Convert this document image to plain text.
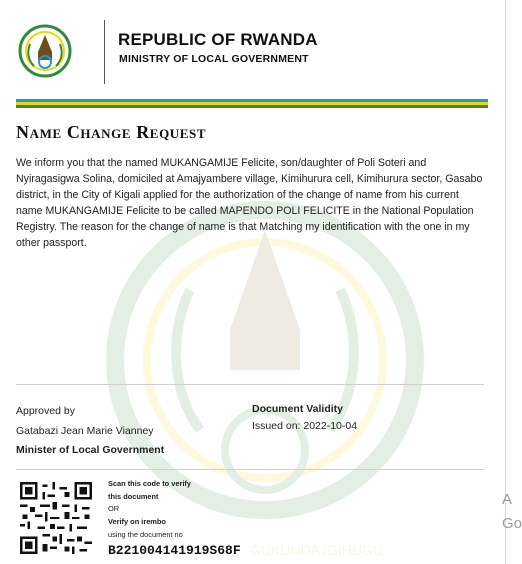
GUKUNDA IGIHUGU
REPUBLIC OF RWANDA
MINISTRY OF LOCAL GOVERNMENT
Name Change Request
We inform you that the named MUKANGAMIJE Felicite, son/daughter of Poli Soteri and Nyiragasigwa Solina, domiciled at Amajyambere village, Kimihurura cell, Kimihurura sector, Gasabo district, in the City of Kigali applied for the authorization of the change of name from his current name MUKANGAMIJE Felicite to be called MAPENDO POLI FELICITE in the National Population Registry. The reason for the change of name is that Matching my identification with the one in my other passport.
Approved by
Gatabazi Jean Marie Vianney
Minister of Local Government
Document Validity
Issued on: 2022-10-04
Scan this code to verify
this document
OR
Verify on irembo
using the document no
B221004141919S68F
A
Go
